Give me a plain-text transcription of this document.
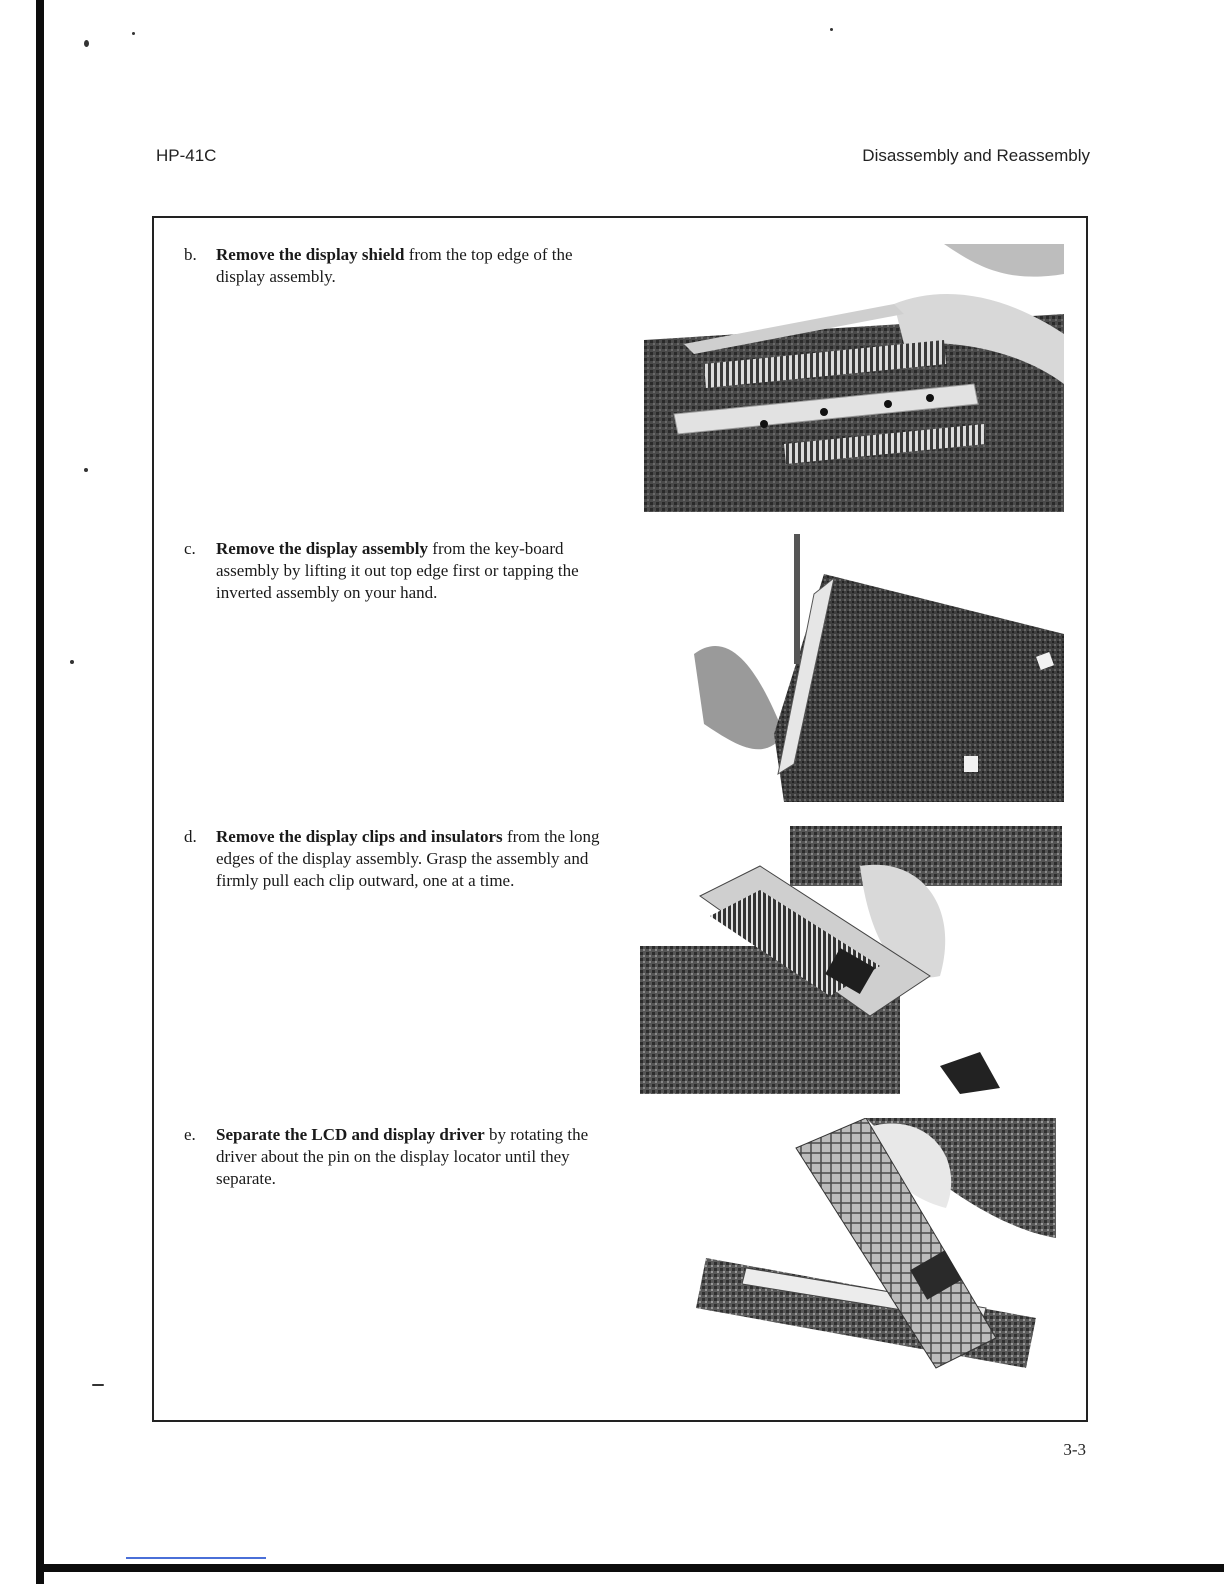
HP-41C	Disassembly and Reassembly
b. Remove the display shield from the top edge of the display assembly.
c. Remove the display assembly from the key-board assembly by lifting it out top edge first or tapping the inverted assembly on your hand.
d. Remove the display clips and insulators from the long edges of the display assembly. Grasp the assembly and firmly pull each clip outward, one at a time.
e. Separate the LCD and display driver by rotating the driver about the pin on the display locator until they separate.
3-3
